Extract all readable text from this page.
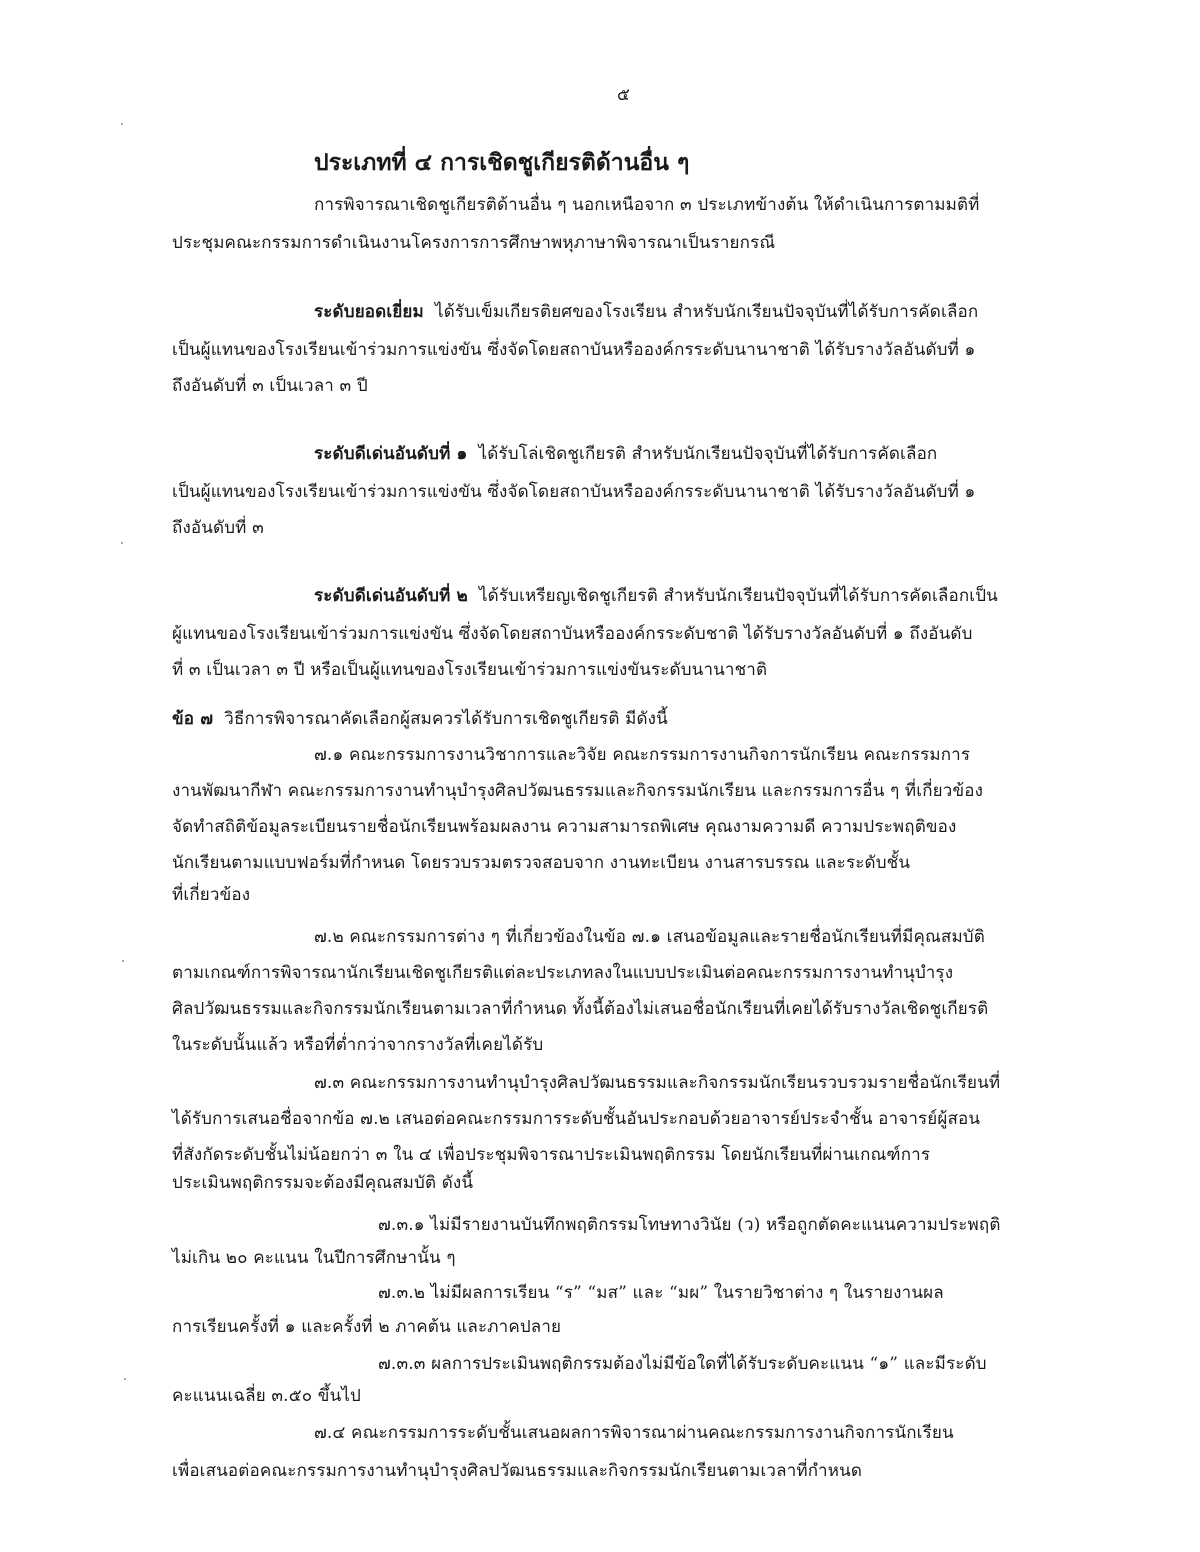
๕

ประเภทที่ ๔ การเชิดชูเกียรติด้านอื่น ๆ

การพิจารณาเชิดชูเกียรติด้านอื่น ๆ นอกเหนือจาก ๓ ประเภทข้างต้น ให้ดำเนินการตามมติที่

ประชุมคณะกรรมการดำเนินงานโครงการการศึกษาพหุภาษาพิจารณาเป็นรายกรณี

ระดับยอดเยี่ยม ได้รับเข็มเกียรติยศของโรงเรียน สำหรับนักเรียนปัจจุบันที่ได้รับการคัดเลือก

เป็นผู้แทนของโรงเรียนเข้าร่วมการแข่งขัน ซึ่งจัดโดยสถาบันหรือองค์กรระดับนานาชาติ ได้รับรางวัลอันดับที่ ๑

ถึงอันดับที่ ๓ เป็นเวลา ๓ ปี

ระดับดีเด่นอันดับที่ ๑ ได้รับโล่เชิดชูเกียรติ สำหรับนักเรียนปัจจุบันที่ได้รับการคัดเลือก

เป็นผู้แทนของโรงเรียนเข้าร่วมการแข่งขัน ซึ่งจัดโดยสถาบันหรือองค์กรระดับนานาชาติ ได้รับรางวัลอันดับที่ ๑

ถึงอันดับที่ ๓

ระดับดีเด่นอันดับที่ ๒ ได้รับเหรียญเชิดชูเกียรติ สำหรับนักเรียนปัจจุบันที่ได้รับการคัดเลือกเป็น

ผู้แทนของโรงเรียนเข้าร่วมการแข่งขัน ซึ่งจัดโดยสถาบันหรือองค์กรระดับชาติ ได้รับรางวัลอันดับที่ ๑ ถึงอันดับ

ที่ ๓ เป็นเวลา ๓ ปี หรือเป็นผู้แทนของโรงเรียนเข้าร่วมการแข่งขันระดับนานาชาติ

ข้อ ๗ วิธีการพิจารณาคัดเลือกผู้สมควรได้รับการเชิดชูเกียรติ มีดังนี้

๗.๑ คณะกรรมการงานวิชาการและวิจัย คณะกรรมการงานกิจการนักเรียน คณะกรรมการ

งานพัฒนากีฬา คณะกรรมการงานทำนุบำรุงศิลปวัฒนธรรมและกิจกรรมนักเรียน และกรรมการอื่น ๆ ที่เกี่ยวข้อง

จัดทำสถิติข้อมูลระเบียนรายชื่อนักเรียนพร้อมผลงาน ความสามารถพิเศษ คุณงามความดี ความประพฤติของ

นักเรียนตามแบบฟอร์มที่กำหนด โดยรวบรวมตรวจสอบจาก งานทะเบียน งานสารบรรณ และระดับชั้น

ที่เกี่ยวข้อง

๗.๒ คณะกรรมการต่าง ๆ ที่เกี่ยวข้องในข้อ ๗.๑ เสนอข้อมูลและรายชื่อนักเรียนที่มีคุณสมบัติ

ตามเกณฑ์การพิจารณานักเรียนเชิดชูเกียรติแต่ละประเภทลงในแบบประเมินต่อคณะกรรมการงานทำนุบำรุง

ศิลปวัฒนธรรมและกิจกรรมนักเรียนตามเวลาที่กำหนด ทั้งนี้ต้องไม่เสนอชื่อนักเรียนที่เคยได้รับรางวัลเชิดชูเกียรติ

ในระดับนั้นแล้ว หรือที่ต่ำกว่าจากรางวัลที่เคยได้รับ

๗.๓ คณะกรรมการงานทำนุบำรุงศิลปวัฒนธรรมและกิจกรรมนักเรียนรวบรวมรายชื่อนักเรียนที่

ได้รับการเสนอชื่อจากข้อ ๗.๒ เสนอต่อคณะกรรมการระดับชั้นอันประกอบด้วยอาจารย์ประจำชั้น อาจารย์ผู้สอน

ที่สังกัดระดับชั้นไม่น้อยกว่า ๓ ใน ๔ เพื่อประชุมพิจารณาประเมินพฤติกรรม โดยนักเรียนที่ผ่านเกณฑ์การ

ประเมินพฤติกรรมจะต้องมีคุณสมบัติ ดังนี้

๗.๓.๑ ไม่มีรายงานบันทึกพฤติกรรมโทษทางวินัย (ว) หรือถูกตัดคะแนนความประพฤติ

ไม่เกิน ๒๐ คะแนน ในปีการศึกษานั้น ๆ

๗.๓.๒ ไม่มีผลการเรียน “ร” “มส” และ “มผ” ในรายวิชาต่าง ๆ ในรายงานผล

การเรียนครั้งที่ ๑ และครั้งที่ ๒ ภาคต้น และภาคปลาย

๗.๓.๓ ผลการประเมินพฤติกรรมต้องไม่มีข้อใดที่ได้รับระดับคะแนน “๑” และมีระดับ

คะแนนเฉลี่ย ๓.๕๐ ขึ้นไป

๗.๔ คณะกรรมการระดับชั้นเสนอผลการพิจารณาผ่านคณะกรรมการงานกิจการนักเรียน

เพื่อเสนอต่อคณะกรรมการงานทำนุบำรุงศิลปวัฒนธรรมและกิจกรรมนักเรียนตามเวลาที่กำหนด
